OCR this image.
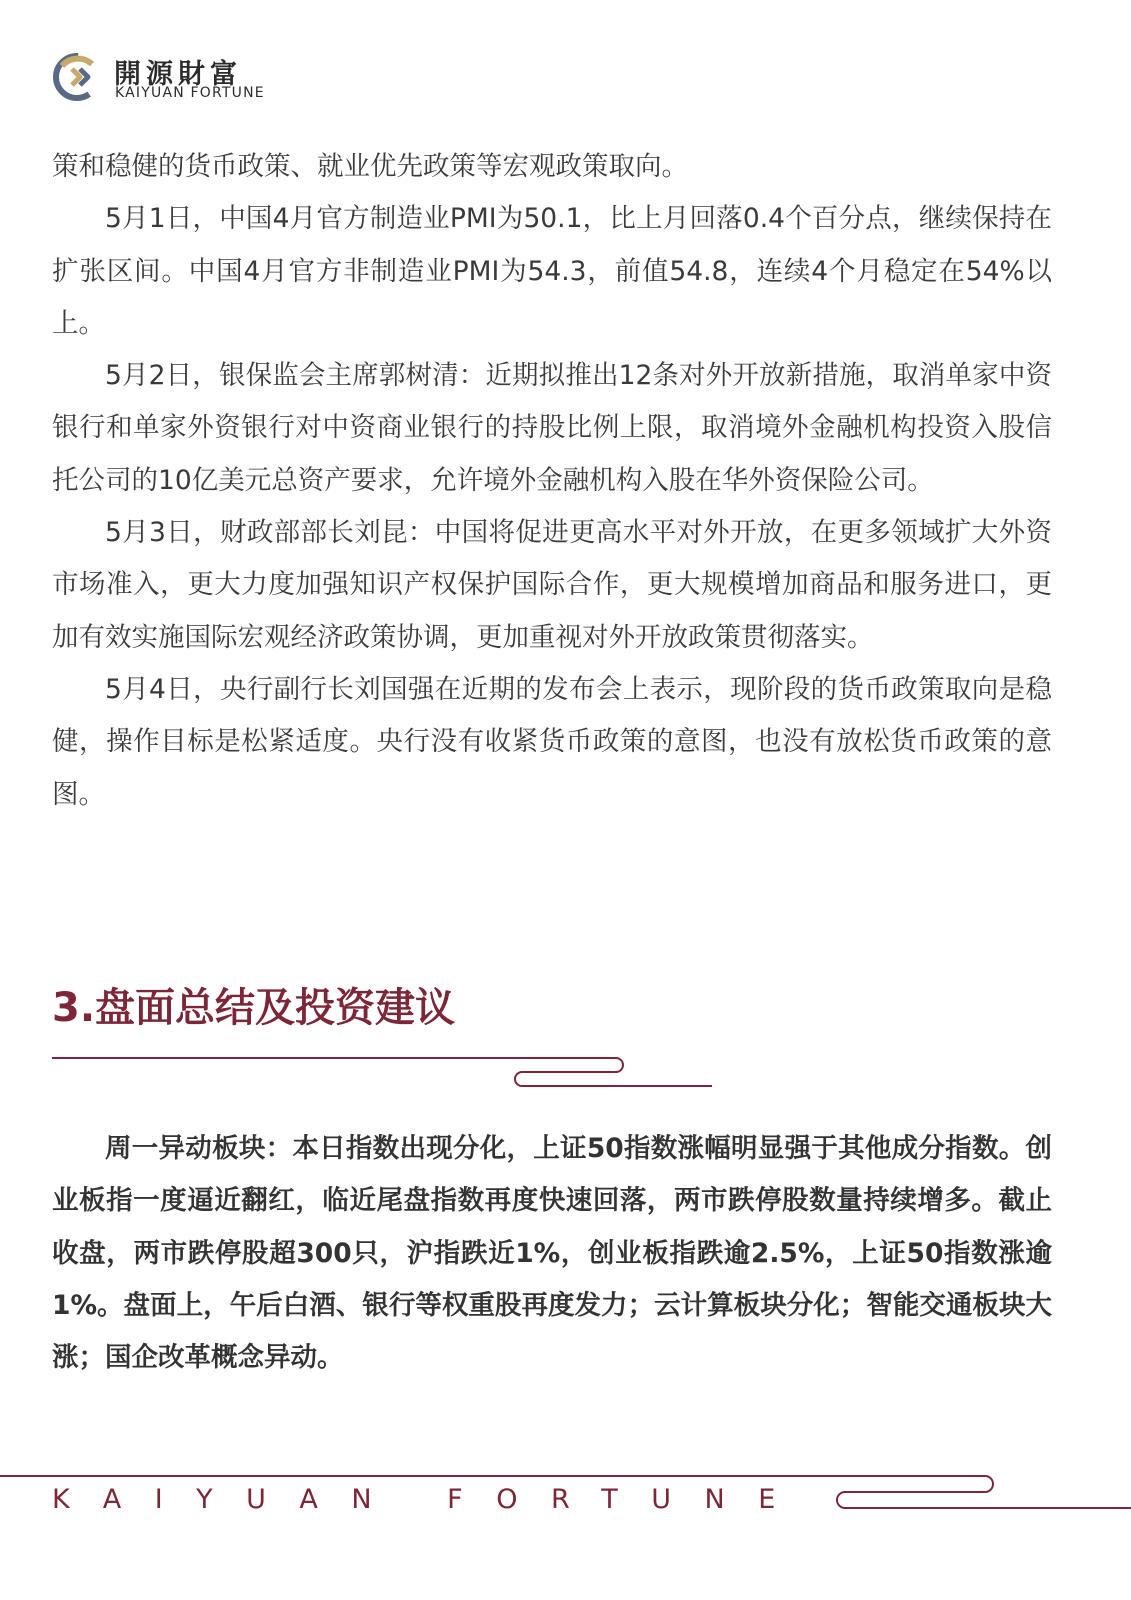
開源財富
KAIYUAN FORTUNE

策和稳健的货币政策、就业优先政策等宏观政策取向。

5月1日，中国4月官方制造业PMI为50.1，比上月回落0.4个百分点，继续保持在扩张区间。中国4月官方非制造业PMI为54.3，前值54.8，连续4个月稳定在54%以上。

5月2日，银保监会主席郭树清：近期拟推出12条对外开放新措施，取消单家中资银行和单家外资银行对中资商业银行的持股比例上限，取消境外金融机构投资入股信托公司的10亿美元总资产要求，允许境外金融机构入股在华外资保险公司。

5月3日，财政部部长刘昆：中国将促进更高水平对外开放，在更多领域扩大外资市场准入，更大力度加强知识产权保护国际合作，更大规模增加商品和服务进口，更加有效实施国际宏观经济政策协调，更加重视对外开放政策贯彻落实。

5月4日，央行副行长刘国强在近期的发布会上表示，现阶段的货币政策取向是稳健，操作目标是松紧适度。央行没有收紧货币政策的意图，也没有放松货币政策的意图。

3.盘面总结及投资建议

周一异动板块：本日指数出现分化，上证50指数涨幅明显强于其他成分指数。创业板指一度逼近翻红，临近尾盘指数再度快速回落，两市跌停股数量持续增多。截止收盘，两市跌停股超300只，沪指跌近1%，创业板指跌逾2.5%，上证50指数涨逾1%。盘面上，午后白酒、银行等权重股再度发力；云计算板块分化；智能交通板块大涨；国企改革概念异动。

KAIYUAN FORTUNE
